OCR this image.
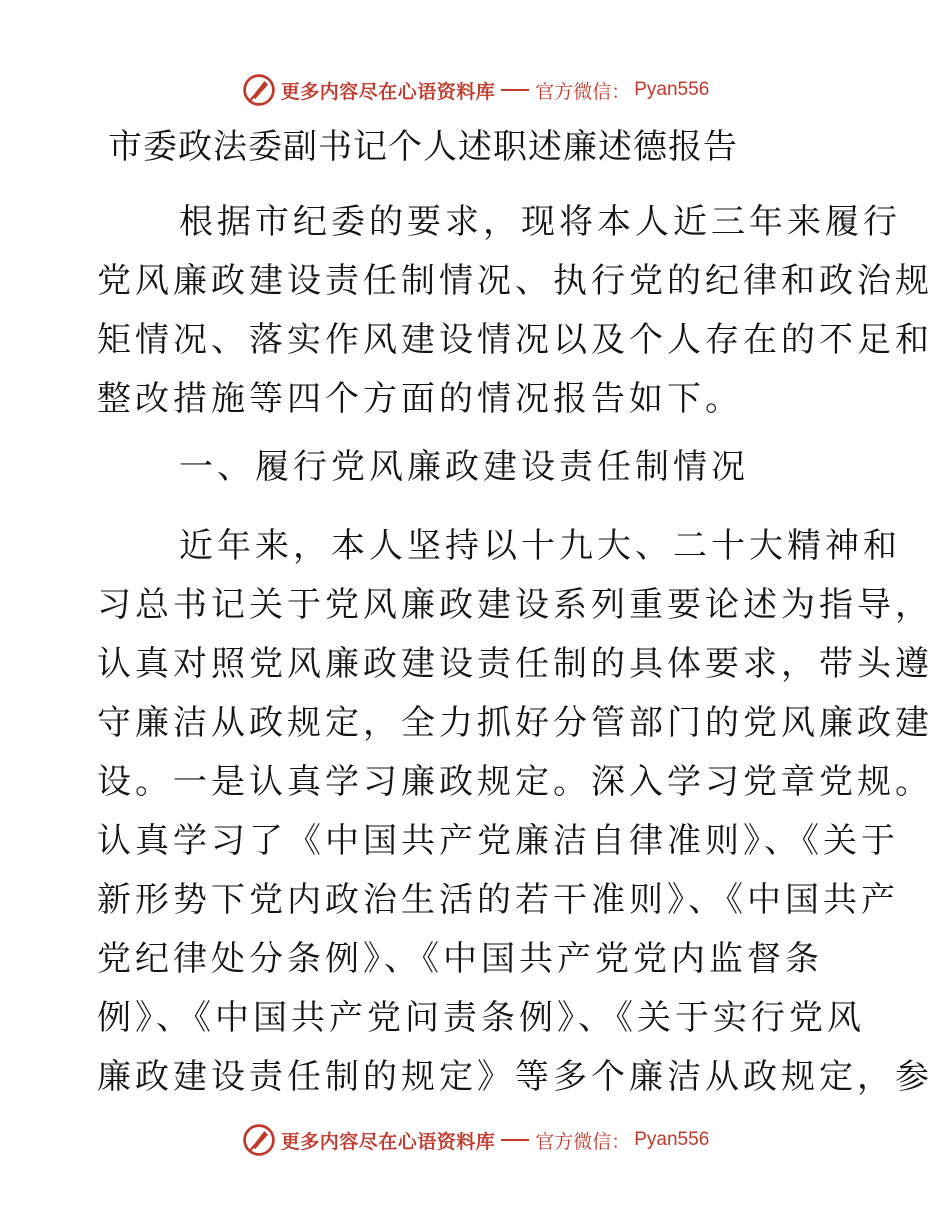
更多内容尽在心语资料库 官方微信： Pyan556
市委政法委副书记个人述职述廉述德报告
根据市纪委的要求，现将本人近三年来履行
党风廉政建设责任制情况、执行党的纪律和政治规
矩情况、落实作风建设情况以及个人存在的不足和
整改措施等四个方面的情况报告如下。
一、履行党风廉政建设责任制情况
近年来，本人坚持以十九大、二十大精神和
习总书记关于党风廉政建设系列重要论述为指导，
认真对照党风廉政建设责任制的具体要求，带头遵
守廉洁从政规定，全力抓好分管部门的党风廉政建
设。一是认真学习廉政规定。深入学习党章党规。
认真学习了《中国共产党廉洁自律准则》、《关于
新形势下党内政治生活的若干准则》、《中国共产
党纪律处分条例》、《中国共产党党内监督条
例》、《中国共产党问责条例》、《关于实行党风
廉政建设责任制的规定》等多个廉洁从政规定，参
更多内容尽在心语资料库 官方微信： Pyan556
